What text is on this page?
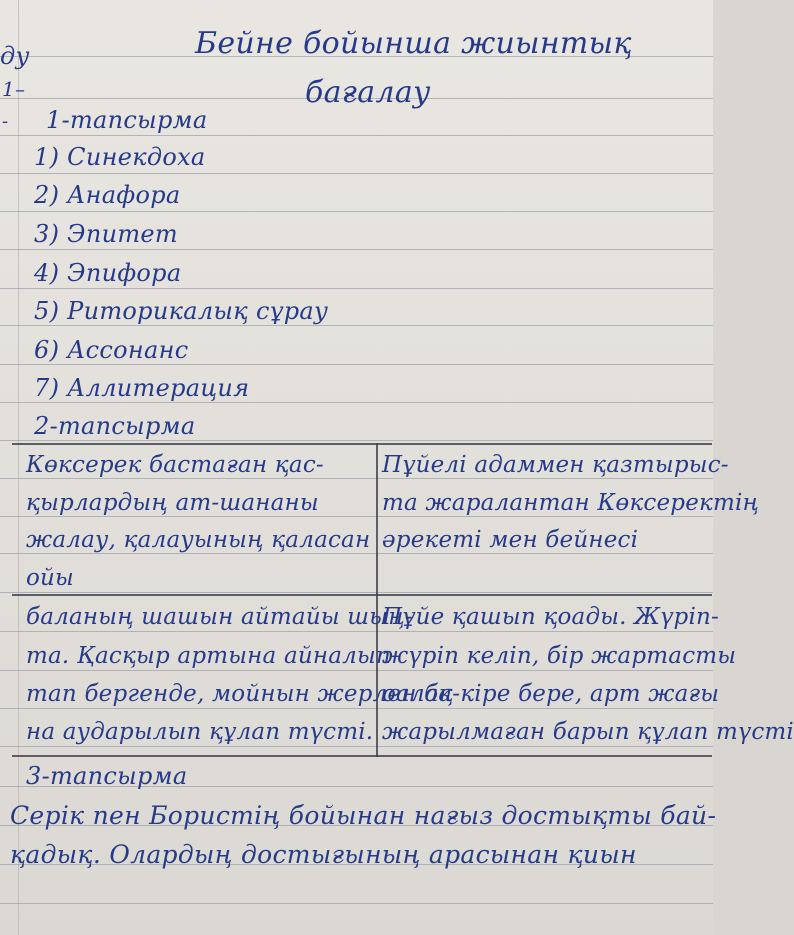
ду
1–
-
Бейне бойынша жиынтық
бағалау
1-тапсырма
1) Синекдоха
2) Анафора
3) Эпитет
4) Эпифора
5) Риторикалық сұрау
6) Ассонанс
7) Аллитерация
2-тапсырма
Көксерек бастаған қас-
қырлардың ат-шананы
жалау, қалауының қаласан
ойы
Пұйелі адаммен қазтырыс-
та жаралантан Көксеректің
әрекеті мен бейнесі
баланың шашын айтайы шың-
та. Қасқыр артына айналып
тап бергенде, мойнын жерлен ба-
на аударылып құлап түсті.
Пұйе қашып қоады. Жүріп-
жүріп келіп, бір жартасты
оалақ кіре бере, арт жағы
жарылмаған барып құлап түсті
3-тапсырма
Серік пен Бористің бойынан нағыз достықты бай-
қадық. Олардың достығының арасынан қиын
